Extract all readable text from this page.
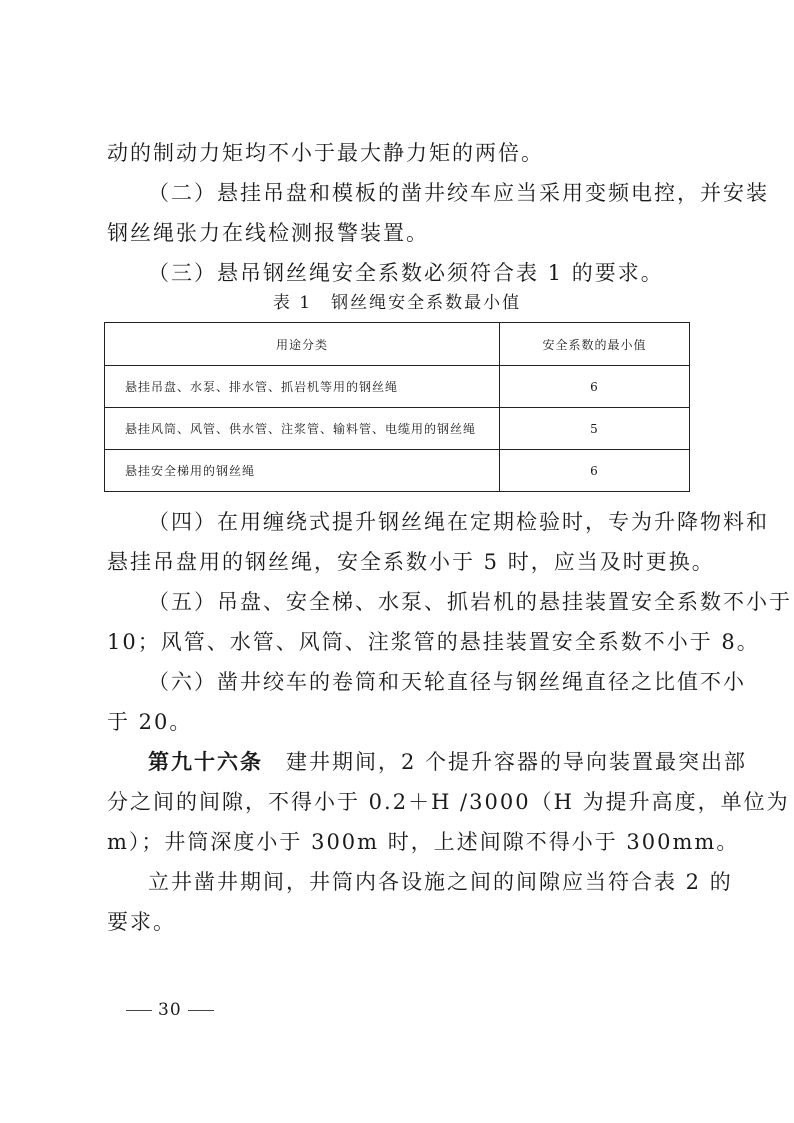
动的制动力矩均不小于最大静力矩的两倍。
（二）悬挂吊盘和模板的凿井绞车应当采用变频电控，并安装
钢丝绳张力在线检测报警装置。
（三）悬吊钢丝绳安全系数必须符合表 1 的要求。
表 1　钢丝绳安全系数最小值
用途分类	安全系数的最小值
悬挂吊盘、水泵、排水管、抓岩机等用的钢丝绳	6
悬挂风筒、风管、供水管、注浆管、输料管、电缆用的钢丝绳	5
悬挂安全梯用的钢丝绳	6
（四）在用缠绕式提升钢丝绳在定期检验时，专为升降物料和
悬挂吊盘用的钢丝绳，安全系数小于 5 时，应当及时更换。
（五）吊盘、安全梯、水泵、抓岩机的悬挂装置安全系数不小于
10；风管、水管、风筒、注浆管的悬挂装置安全系数不小于 8。
（六）凿井绞车的卷筒和天轮直径与钢丝绳直径之比值不小
于 20。
第九十六条　建井期间，2 个提升容器的导向装置最突出部
分之间的间隙，不得小于 0.2＋H /3000（H 为提升高度，单位为
m）；井筒深度小于 300m 时，上述间隙不得小于 300mm。
立井凿井期间，井筒内各设施之间的间隙应当符合表 2 的
要求。
30
